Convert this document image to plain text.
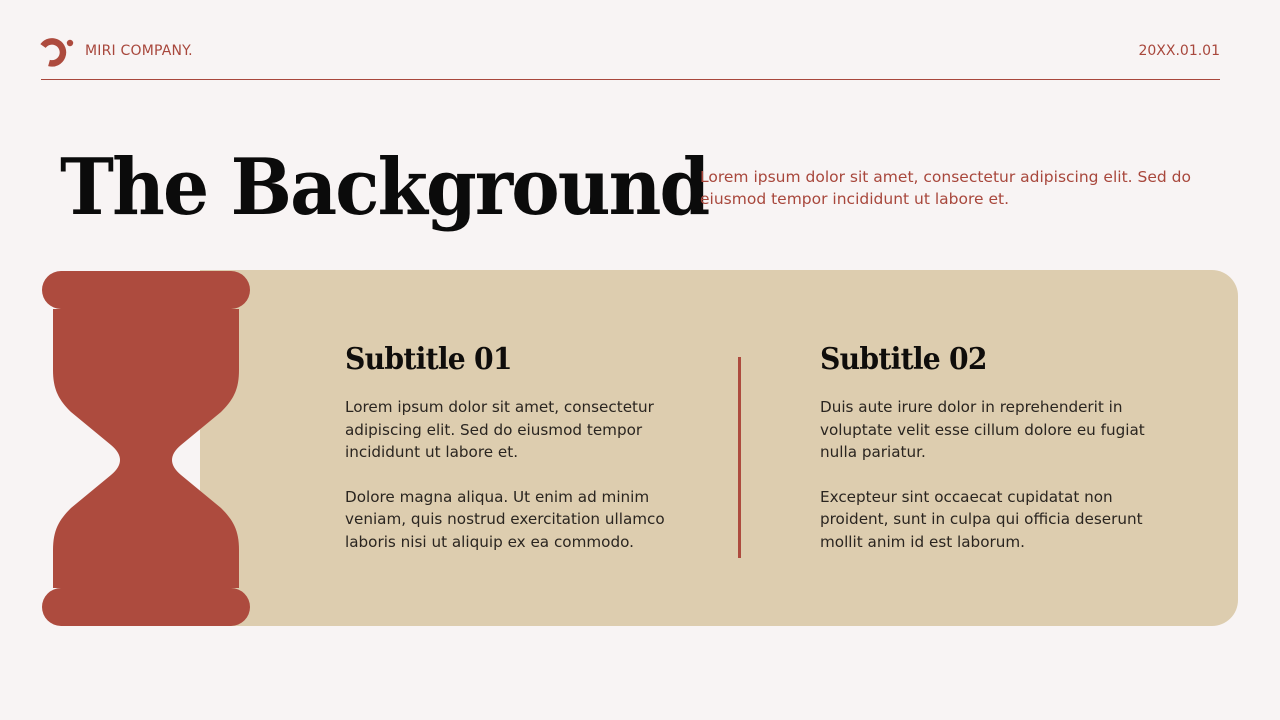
MIRI COMPANY.	20XX.01.01
The Background

Lorem ipsum dolor sit amet, consectetur adipiscing elit. Sed do eiusmod tempor incididunt ut labore et.

Subtitle 01

Lorem ipsum dolor sit amet, consectetur adipiscing elit. Sed do eiusmod tempor incididunt ut labore et.

Dolore magna aliqua. Ut enim ad minim veniam, quis nostrud exercitation ullamco laboris nisi ut aliquip ex ea commodo.

Subtitle 02

Duis aute irure dolor in reprehenderit in voluptate velit esse cillum dolore eu fugiat nulla pariatur.

Excepteur sint occaecat cupidatat non proident, sunt in culpa qui officia deserunt mollit anim id est laborum.
